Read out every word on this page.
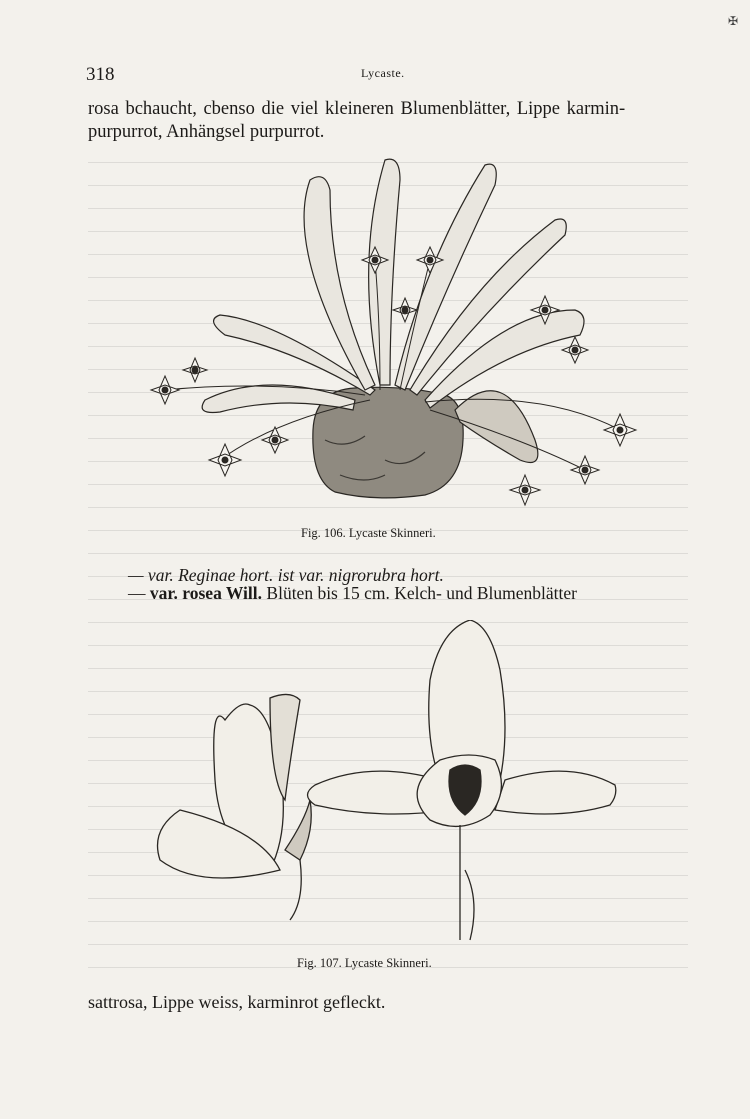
✠
318	Lycaste.
rosa bchaucht, cbenso die viel kleineren Blumenblätter, Lippe karmin-
purpurrot, Anhängsel purpurrot.
Fig. 106. Lycaste Skinneri.
— var. Reginae hort. ist var. nigrorubra hort.
— var. rosea Will. Blüten bis 15 cm. Kelch- und Blumenblätter
Fig. 107. Lycaste Skinneri.
sattrosa, Lippe weiss, karminrot gefleckt.
